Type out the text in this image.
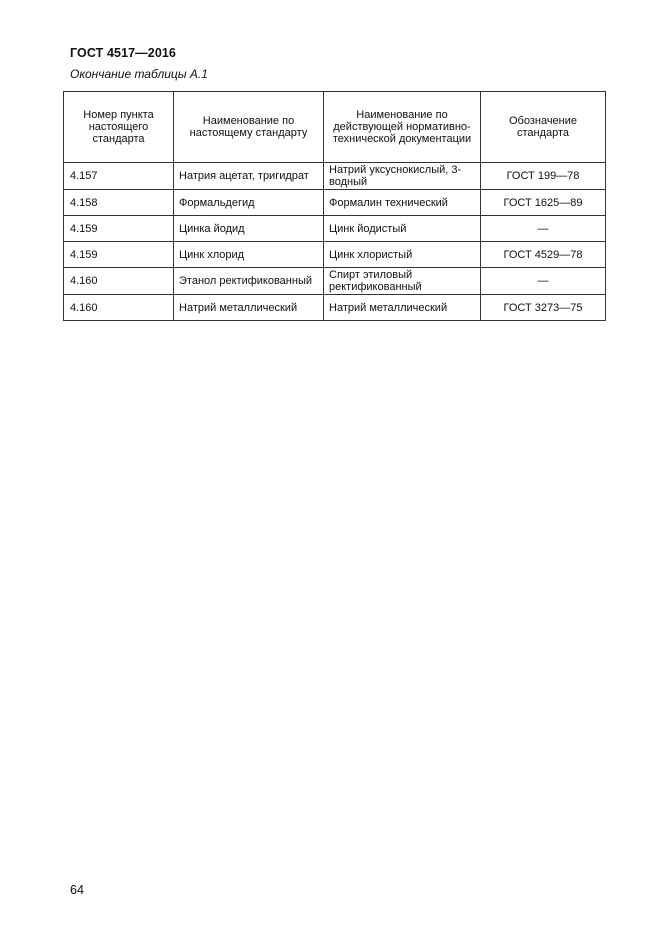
ГОСТ 4517—2016
Окончание таблицы А.1
Номер пункта настоящего стандарта	Наименование по настоящему стандарту	Наименование по действующей нормативно-технической документации	Обозначение стандарта
4.157	Натрия ацетат, тригидрат	Натрий уксуснокислый, 3-водный	ГОСТ 199—78
4.158	Формальдегид	Формалин технический	ГОСТ 1625—89
4.159	Цинка йодид	Цинк йодистый	—
4.159	Цинк хлорид	Цинк хлористый	ГОСТ 4529—78
4.160	Этанол ректификованный	Спирт этиловый ректификованный	—
4.160	Натрий металлический	Натрий металлический	ГОСТ 3273—75
64
